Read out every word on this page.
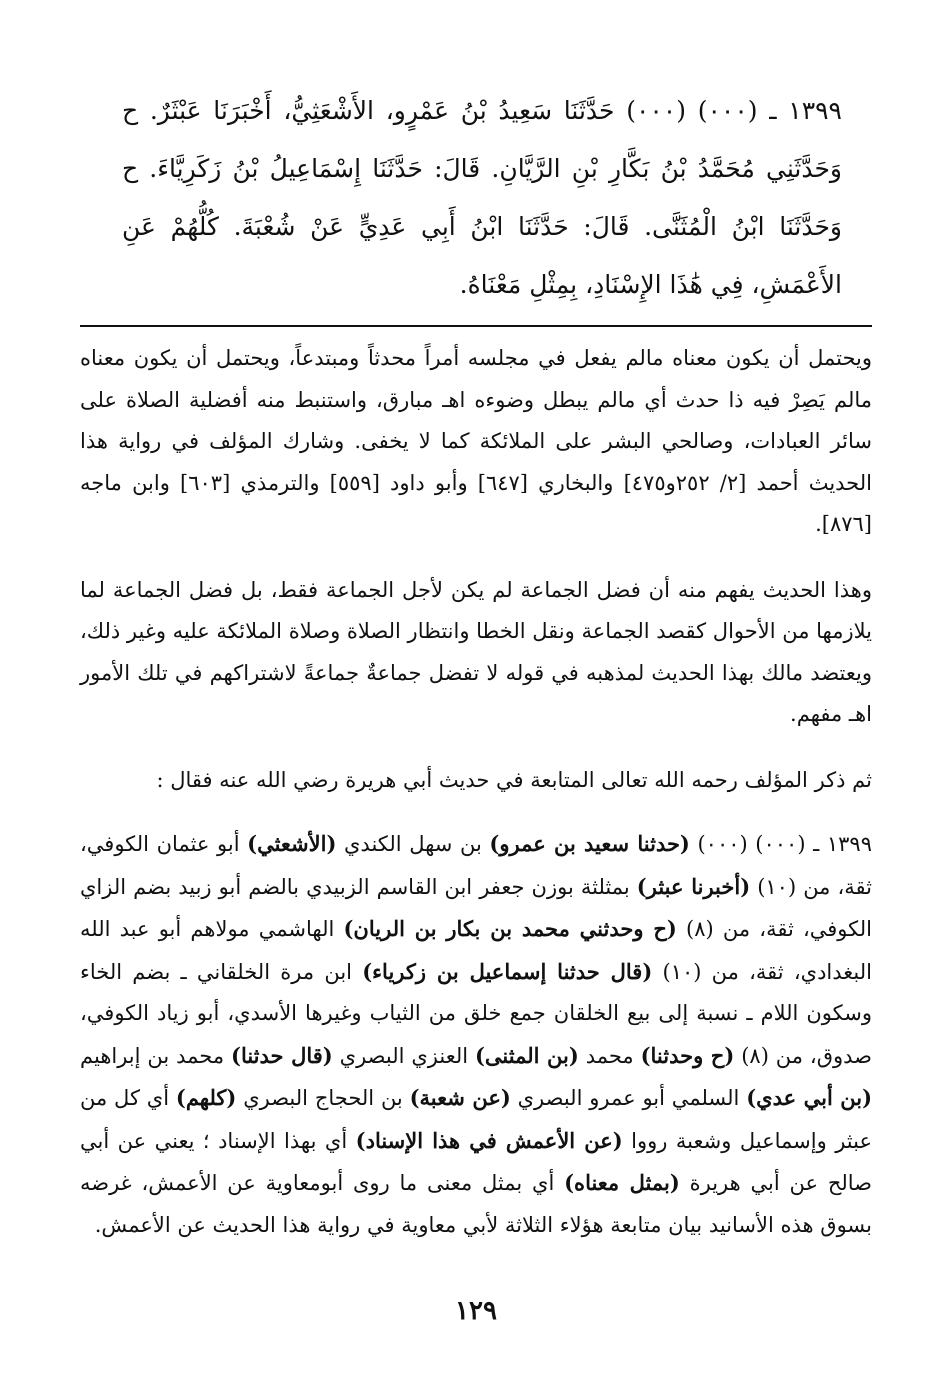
١٣٩٩ ـ (٠٠٠) (٠٠٠) حَدَّثَنَا سَعِيدُ بْنُ عَمْرٍو، الأَشْعَثِيُّ، أَخْبَرَنَا عَبْثَرٌ. ح وَحَدَّثَنِي مُحَمَّدُ بْنُ بَكَّارِ بْنِ الرَّيَّانِ. قَالَ: حَدَّثَنَا إِسْمَاعِيلُ بْنُ زَكَرِيَّاءَ. ح وَحَدَّثَنَا ابْنُ الْمُثَنَّى. قَالَ: حَدَّثَنَا ابْنُ أَبِي عَدِيٍّ عَنْ شُعْبَةَ. كُلُّهُمْ عَنِ الأَعْمَشِ، فِي هَٰذَا الإِسْنَادِ، بِمِثْلِ مَعْنَاهُ.

ويحتمل أن يكون معناه مالم يفعل في مجلسه أمراً محدثاً ومبتدعاً، ويحتمل أن يكون معناه مالم يَصِرْ فيه ذا حدث أي مالم يبطل وضوءه اهـ مبارق، واستنبط منه أفضلية الصلاة على سائر العبادات، وصالحي البشر على الملائكة كما لا يخفى. وشارك المؤلف في رواية هذا الحديث أحمد [٢/ ٢٥٢و٤٧٥] والبخاري [٦٤٧] وأبو داود [٥٥٩] والترمذي [٦٠٣] وابن ماجه [٨٧٦].

وهذا الحديث يفهم منه أن فضل الجماعة لم يكن لأجل الجماعة فقط، بل فضل الجماعة لما يلازمها من الأحوال كقصد الجماعة ونقل الخطا وانتظار الصلاة وصلاة الملائكة عليه وغير ذلك، ويعتضد مالك بهذا الحديث لمذهبه في قوله لا تفضل جماعةٌ جماعةً لاشتراكهم في تلك الأمور اهـ مفهم.

ثم ذكر المؤلف رحمه الله تعالى المتابعة في حديث أبي هريرة رضي الله عنه فقال :

١٣٩٩ ـ (٠٠٠) (٠٠٠) (حدثنا سعيد بن عمرو) بن سهل الكندي (الأشعثي) أبو عثمان الكوفي، ثقة، من (١٠) (أخبرنا عبثر) بمثلثة بوزن جعفر ابن القاسم الزبيدي بالضم أبو زبيد بضم الزاي الكوفي، ثقة، من (٨) (ح وحدثني محمد بن بكار بن الريان) الهاشمي مولاهم أبو عبد الله البغدادي، ثقة، من (١٠) (قال حدثنا إسماعيل بن زكرياء) ابن مرة الخلقاني ـ بضم الخاء وسكون اللام ـ نسبة إلى بيع الخلقان جمع خلق من الثياب وغيرها الأسدي، أبو زياد الكوفي، صدوق، من (٨) (ح وحدثنا) محمد (بن المثنى) العنزي البصري (قال حدثنا) محمد بن إبراهيم (بن أبي عدي) السلمي أبو عمرو البصري (عن شعبة) بن الحجاج البصري (كلهم) أي كل من عبثر وإسماعيل وشعبة رووا (عن الأعمش في هذا الإسناد) أي بهذا الإسناد ؛ يعني عن أبي صالح عن أبي هريرة (بمثل معناه) أي بمثل معنى ما روى أبومعاوية عن الأعمش، غرضه بسوق هذه الأسانيد بيان متابعة هؤلاء الثلاثة لأبي معاوية في رواية هذا الحديث عن الأعمش.

١٢٩
